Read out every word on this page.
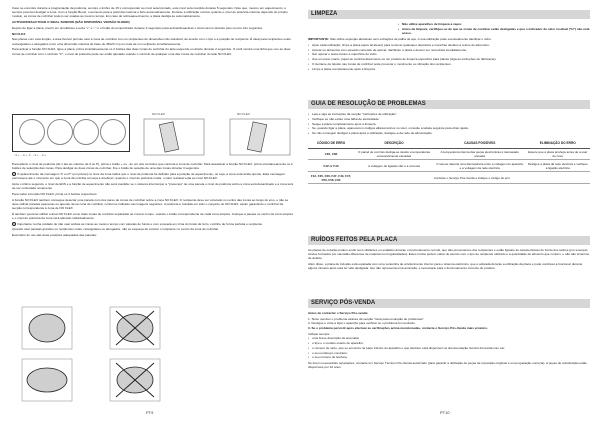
Caso se encontre durante a programação da potência, sempre o timbre de 15 s corresponder ao nível seleccionado, este nível será mantido durante 5 segundos. Note que, mesmo em aquecimento, é sempre possível desligar a zona. Com a função Boost, o aumento para a potência máxima é feito automaticamente. Durante a utilização normal, quando o nível de potência máximo depende do próprio modelo, as zonas de cozinhar podem ser usadas ao mesmo tempo. Em caso de sobreaquecimento, a placa desliga-se automaticamente.

ACTIVAR/DESACTIVAR O SINAL SONORO (NÃO DISPONÍVEL VERSÃO SLIDER)

Depois de ligar a placa, premir em simultâneo a tecla "+" e "-" e o botão do temporizador durante 3 segundos para activar/desactivar o sinal sonoro durante pelo menos três segundos.

NO FLEX

Nas placas com esta função, a área flexível permite usar a zona de cozinhar com os recipientes de dimensões não standard, de acordo com o tipo e a posição do recipiente. É ideal para recipientes ovais, rectangulares e alongados (com uma dimensão máxima de base de 38x23 cm) ou mais de um recipiente simultaneamente.

Para activar a função NO FLEX, ligue a placa, prima simultaneamente os 2 botões das duas zonas de cozinhar do lado esquerdo ou direito durante 2 segundos. O ecrã mostra uma linha que une as duas zonas de cozinhar com o símbolo "F", o nível de potência pode ser então ajustado usando o controlo de qualquer uma das zonas de cozinhar do lado NO FLEX.

- 0 + · - 0 + · F · - 0 + · - 0 +
NO FLEX	NO FLEX

Para alterar o nível de potência (de 1 até ao máximo de 9 ou P), prima o botão + ou - de um dos controlos que controla a zona de cozinhar. Para desactivar a função NO FLEX, prima simultaneamente os 2 botões de selecção das zonas. Para desligar as duas zonas de cozinhar, fixe o botão de seleção de uma das zonas durante 3 segundos.

! O aparecimento da mensagem "h ou P" (em piscar) no visor da zona indica que o nível de potência foi definido para a posição de aquecimento, ou seja, a zona está ainda quente. Esta mensagem permanece até o momento em que a zona da cozinha começa a arrefecer; quando o nível de potência muda, o calor residual volta ao nível NO FLEX.

Após o último segundo, o nível de ENS e a função de aquecimento não será mantida; se o sistema interromper a "presença" de uma panela o nível de potência sobre a zona será desactivado e a zona terá de ser controlada novamente.

Para voltar à função NO FLEX, prima os 2 botões respectivos.

A função NO FLEX também consegue detectar uma panela num dos pares de zonas de cozinhar sobre a zona NO FLEX. O recipiente deve ser colocado no centro das zonas ao longo do eixo, e não se deve utilizar panelas pequenas ou apenas numa zona de cozinhar, conforme indicado nas imagens seguintes. A potência é mantida em todo o conjunto do NO FLEX, assim garantindo o cozinhar da secção correspondente à zona de NO FLEX.

É também possível utilizar a área NO FLEX como duas zonas de cozinhar separadas ao mesmo tempo, usando o botão correspondente de cada zona simples. Coloque a panela no centro da zona simples e o nível de potência da zona será alterado individualmente.

! Importante: tenha cuidado de não usar ambas as zonas ao mesmo tempo com panelas de fundo e com a panela em cima do fundo de ferro, cozinhe de forma perfeita o recipiente.

Quando usar panelas grandes ou recipientes ovais, retangulares ou alongados, não se esqueça de colocar o recipiente no centro da zona de cozinhar.

Exemplos do uso das duas posições adequadas das panelas:

PT9
LIMPEZA
• Não utilize aparelhos de limpeza a vapor.
• Antes da limpeza, certifique-se de que as zonas de cozinhar estão desligadas e que o indicador de calor residual ("H") não está aceso.

IMPORTANTE: Não utilize esponjas abrasivas nem esfregões de palha de aço. A sua utilização pode eventualmente danificar o vidro.

• Após cada utilização, limpe a placa (após arrefecer) para remover quaisquer depósitos e manchas devidos a restos de alimentos.
• Açúcar ou alimentos com elevado conteúdo de açúcar, danificam a placa e devem ser removidos imediatamente.
• Sal, açúcar e areia riscam a superfície do vidro.
• Use um pano macio, papel de cozinha absorvente ou um produto de limpeza específico para placas (siga as instruções do fabricante).
• O derrame de líquido nas zonas de cozinhar pode provocar o movimento ou vibração dos recipientes.
• Limpe a placa completamente após a limpeza.
GUIA DE RESOLUÇÃO DE PROBLEMAS
• Leia e siga as instruções da secção "Instruções de utilização".
• Verifique se não existe uma falha de eletricidade.
• Seque a placa completamente após a limpeza.
• Se, quando ligar a placa, aparecerem códigos alfanuméricos no visor, consulte a tabela seguinte para obter ajuda.
• Se não conseguir desligar a placa após a utilização, desligue-a da rede de alimentação.
CÓDIGO DE ERRO	DESCRIÇÃO	CAUSAS POSSÍVEIS	ELIMINAÇÃO DO ERRO
C81, C82	O painel de controlo desliga-se devido a temperaturas excessivamente elevadas	A temperatura interna das peças electrónicas é demasiado elevada	Espere que a placa arrefeça antes de a usar de novo
F42 or F43	A voltagem de ligação não é a correcta	O sensor detecta uma discrepância entre a voltagem do aparelho e a voltagem da rede eléctrica	Desligue a placa da rede eléctrica e verifique a ligação eléctrica
F12, F25, F36, F37, F40, F47, F56, F58, F60	Contacte o Serviço Pós-Venda e indique o código do erro		
RUÍDOS FEITOS PELA PLACA

As placas de indução podem emitir sons sibilantes ou estalidos durante o funcionamento normal, que são provenientes dos recipientes e estão ligados às características do fundo dos tachos (por exemplo, fundos formados por camadas diferentes de material ou irregularidades). Estes ruídos podem variar de acordo com o tipo de recipiente utilizado e a quantidade de alimento que contém, e não são sinónimo de defeito.

Além disso, a placa de indução está equipada com uma ventoinha de arrefecimento interno para o sistema eletrónico, que é activada durante a utilização da placa e pode continuar a funcionar durante alguns minutos após esta ter sido desligada. Isto não representa uma anomalia, é necessário para o funcionamento correcto do produto.

SERVIÇO PÓS-VENDA

Antes de contactar o Serviço Pós-venda:

1. Tente resolver o problema através da secção "Guia para resolução de problemas".

2. Desligue e volte a ligar o aparelho para verificar se o problema foi resolvido.

3. Se o problema persistir após efectuar as verificações acima mencionadas, contacte o Serviço Pós-Venda mais próximo.

Indique sempre:

• uma breve descrição da anomalia;
• o tipo e o modelo exacto do aparelho;
• o número de série, que se encontra na parte inferior do aparelho e que também está disponível na documentação técnica fornecida com ele;
• o seu endereço completo;
• o seu número de telefone.

Se forem necessárias reparações, contacte um Serviço Técnico Pós-Venda autorizado (para garantir a utilização de peças de reposição originais e uma reparação correcta). A peças de substituição estão disponíveis por 10 anos.

PT10
